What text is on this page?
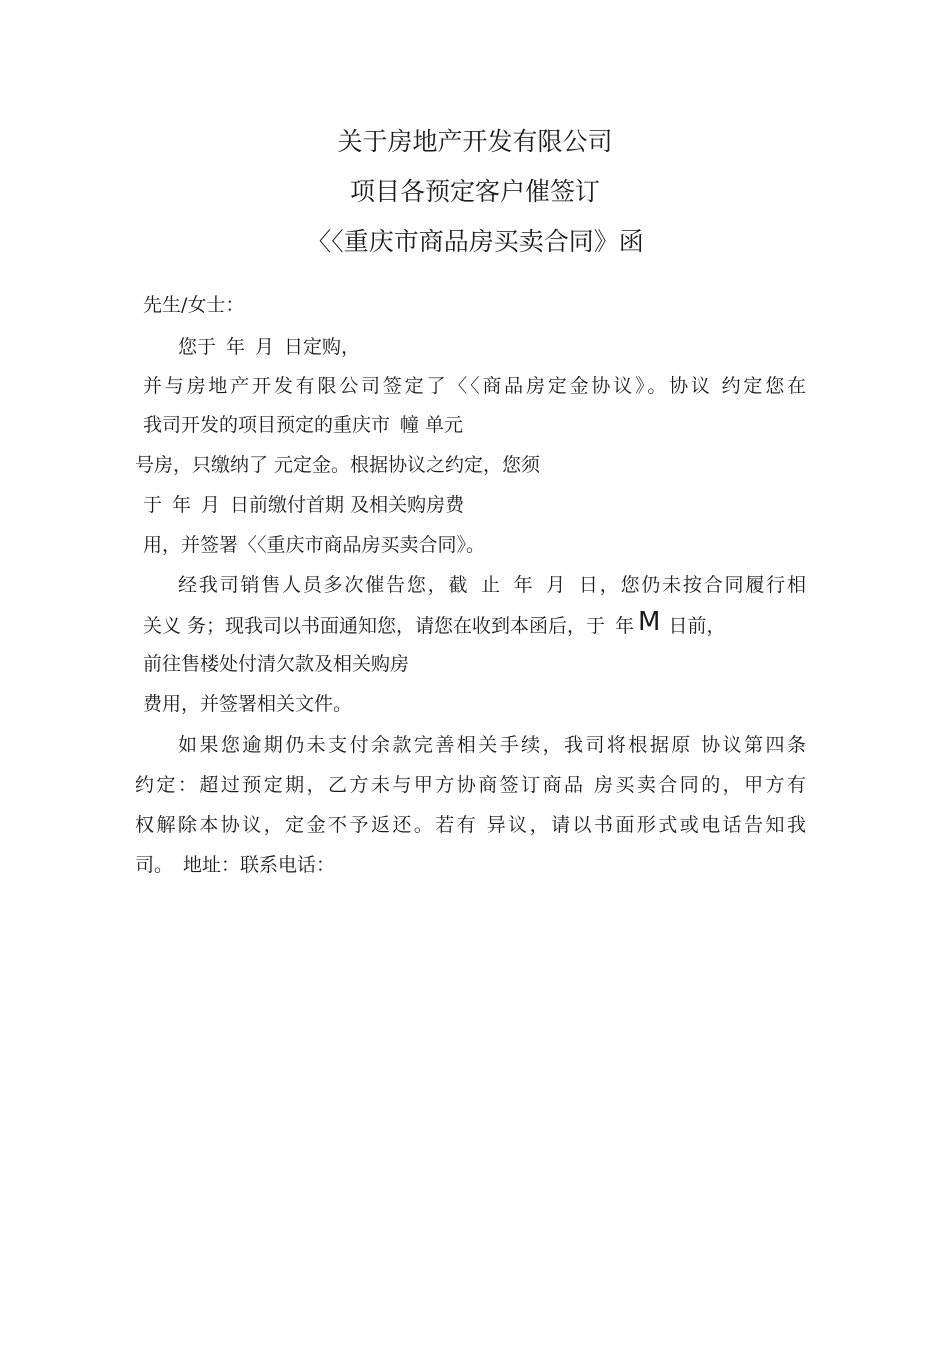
关于房地产开发有限公司
项目各预定客户催签订
〈〈重庆市商品房买卖合同》函
先生/女士：
您于 年 月 日定购，
并与房地产开发有限公司签定了〈〈商品房定金协议》。协议 约定您在
我司开发的项目预定的重庆市 幢 单元
号房，只缴纳了 元定金。根据协议之约定，您须
于 年 月 日前缴付首期 及相关购房费
用，并签署〈〈重庆市商品房买卖合同》。
经我司销售人员多次催告您，截 止 年 月 日，您仍未按合同履行相
关义 务；现我司以书面通知您，请您在收到本函后，于 年 M 日前，
前往售楼处付清欠款及相关购房
费用，并签署相关文件。
如果您逾期仍未支付余款完善相关手续，我司将根据原 协议第四条
约定：超过预定期，乙方未与甲方协商签订商品 房买卖合同的，甲方有
权解除本协议，定金不予返还。若有 异议，请以书面形式或电话告知我
司。 地址：联系电话：
